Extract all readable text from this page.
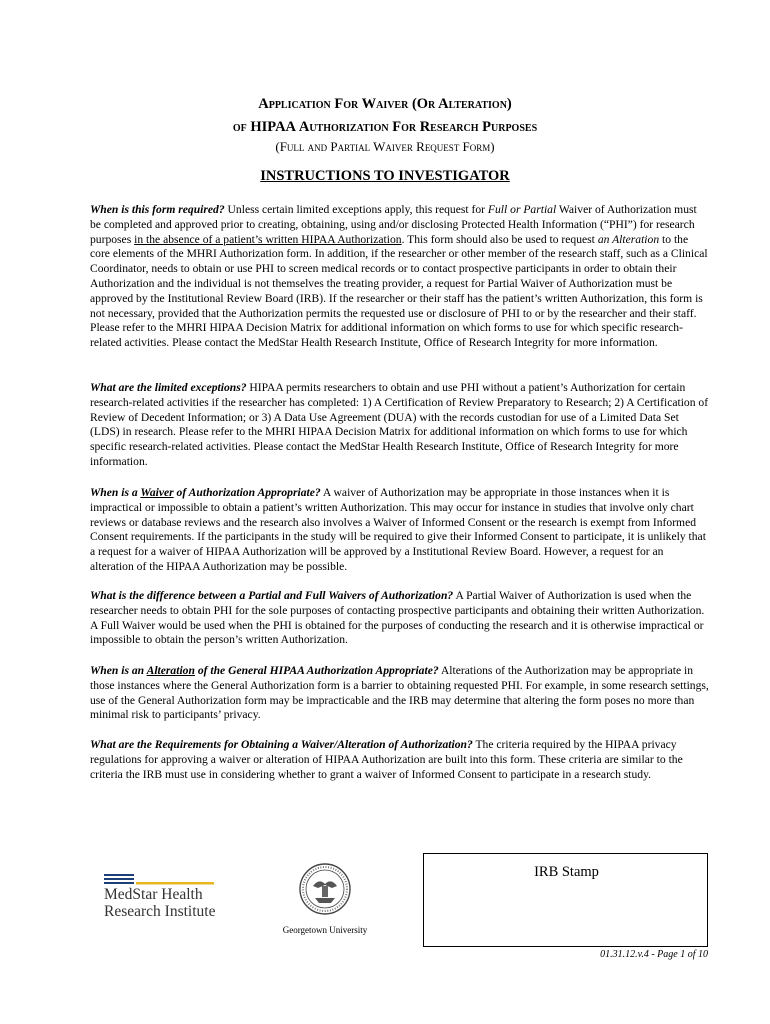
Application For Waiver (Or Alteration)
of HIPAA Authorization For Research Purposes
(Full and Partial Waiver Request Form)
INSTRUCTIONS TO INVESTIGATOR
When is this form required? Unless certain limited exceptions apply, this request for Full or Partial Waiver of Authorization must be completed and approved prior to creating, obtaining, using and/or disclosing Protected Health Information (“PHI”) for research purposes in the absence of a patient’s written HIPAA Authorization. This form should also be used to request an Alteration to the core elements of the MHRI Authorization form. In addition, if the researcher or other member of the research staff, such as a Clinical Coordinator, needs to obtain or use PHI to screen medical records or to contact prospective participants in order to obtain their Authorization and the individual is not themselves the treating provider, a request for Partial Waiver of Authorization must be approved by the Institutional Review Board (IRB). If the researcher or their staff has the patient’s written Authorization, this form is not necessary, provided that the Authorization permits the requested use or disclosure of PHI to or by the researcher and their staff. Please refer to the MHRI HIPAA Decision Matrix for additional information on which forms to use for which specific research-related activities. Please contact the MedStar Health Research Institute, Office of Research Integrity for more information.
What are the limited exceptions? HIPAA permits researchers to obtain and use PHI without a patient’s Authorization for certain research-related activities if the researcher has completed: 1) A Certification of Review Preparatory to Research; 2) A Certification of Review of Decedent Information; or 3) A Data Use Agreement (DUA) with the records custodian for use of a Limited Data Set (LDS) in research. Please refer to the MHRI HIPAA Decision Matrix for additional information on which forms to use for which specific research-related activities. Please contact the MedStar Health Research Institute, Office of Research Integrity for more information.
When is a Waiver of Authorization Appropriate? A waiver of Authorization may be appropriate in those instances when it is impractical or impossible to obtain a patient’s written Authorization. This may occur for instance in studies that involve only chart reviews or database reviews and the research also involves a Waiver of Informed Consent or the research is exempt from Informed Consent requirements. If the participants in the study will be required to give their Informed Consent to participate, it is unlikely that a request for a waiver of HIPAA Authorization will be approved by a Institutional Review Board. However, a request for an alteration of the HIPAA Authorization may be possible.
What is the difference between a Partial and Full Waivers of Authorization? A Partial Waiver of Authorization is used when the researcher needs to obtain PHI for the sole purposes of contacting prospective participants and obtaining their written Authorization. A Full Waiver would be used when the PHI is obtained for the purposes of conducting the research and it is otherwise impractical or impossible to obtain the person’s written Authorization.
When is an Alteration of the General HIPAA Authorization Appropriate? Alterations of the Authorization may be appropriate in those instances where the General Authorization form is a barrier to obtaining requested PHI. For example, in some research settings, use of the General Authorization form may be impracticable and the IRB may determine that altering the form poses no more than minimal risk to participants’ privacy.
What are the Requirements for Obtaining a Waiver/Alteration of Authorization? The criteria required by the HIPAA privacy regulations for approving a waiver or alteration of HIPAA Authorization are built into this form. These criteria are similar to the criteria the IRB must use in considering whether to grant a waiver of Informed Consent to participate in a research study.
MedStar Health
Research Institute
Georgetown University
IRB Stamp
01.31.12.v.4 - Page 1 of 10
